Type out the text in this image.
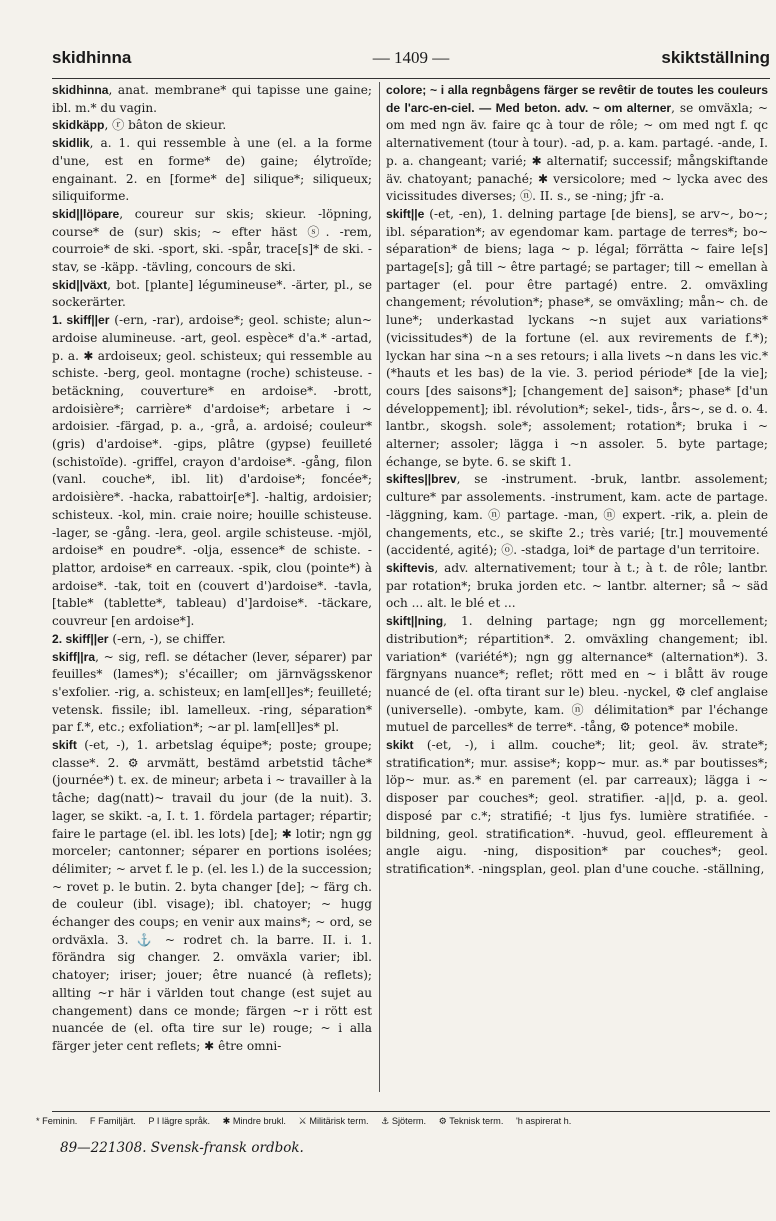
skidhinna
—	1409 —	skiktställning

skidhinna, anat. membrane* qui tapisse une gaine; ibl. m.* du vagin.

skidkäpp, ⓡ bâton de skieur.

skidlik, a. 1. qui ressemble à une (el. a la forme d'une, est en forme* de) gaine; élytroïde; engainant. 2. en [forme* de] silique*; siliqueux; siliquiforme.

skid||löpare, coureur sur skis; skieur. -löpning, course* de (sur) skis; ~ efter häst ⓢ. -rem, courroie* de ski. -sport, ski. -spår, trace[s]* de ski. -stav, se -käpp. -tävling, concours de ski.

skid||växt, bot. [plante] légumineuse*. -ärter, pl., se sockerärter.

1. skiff||er (-ern, -rar), ardoise*; geol. schiste; alun~ ardoise alumineuse. -art, geol. espèce* d'a.* -artad, p. a. ✱ ardoiseux; geol. schisteux; qui ressemble au schiste. -berg, geol. montagne (roche) schisteuse. -betäckning, couverture* en ardoise*. -brott, ardoisière*; carrière* d'ardoise*; arbetare i ~ ardoisier. -färgad, p. a., -grå, a. ardoisé; couleur* (gris) d'ardoise*. -gips, plâtre (gypse) feuilleté (schistoïde). -griffel, crayon d'ardoise*. -gång, filon (vanl. couche*, ibl. lit) d'ardoise*; foncée*; ardoisière*. -hacka, rabattoir[e*]. -haltig, ardoisier; schisteux. -kol, min. craie noire; houille schisteuse. -lager, se -gång. -lera, geol. argile schisteuse. -mjöl, ardoise* en poudre*. -olja, essence* de schiste. -plattor, ardoise* en carreaux. -spik, clou (pointe*) à ardoise*. -tak, toit en (couvert d')ardoise*. -tavla, [table* (tablette*, tableau) d']ardoise*. -täckare, couvreur [en ardoise*].

2. skiff||er (-ern, -), se chiffer.

skiff||ra, ~ sig, refl. se détacher (lever, séparer) par feuilles* (lames*); s'écailler; om järnvägsskenor s'exfolier. -rig, a. schisteux; en lam[ell]es*; feuilleté; vetensk. fissile; ibl. lamelleux. -ring, séparation* par f.*, etc.; exfoliation*; ~ar pl. lam[ell]es* pl.

skift (-et, -), 1. arbetslag équipe*; poste; groupe; classe*. 2. ⚙ arvmätt, bestämd arbetstid tâche* (journée*) t. ex. de mineur; arbeta i ~ travailler à la tâche; dag(natt)~ travail du jour (de la nuit). 3. lager, se skikt. -a, I. t. 1. fördela partager; répartir; faire le partage (el. ibl. les lots) [de]; ✱ lotir; ngn gg morceler; cantonner; séparer en portions isolées; délimiter; ~ arvet f. le p. (el. les l.) de la succession; ~ rovet p. le butin. 2. byta changer [de]; ~ färg ch. de couleur (ibl. visage); ibl. chatoyer; ~ hugg échanger des coups; en venir aux mains*; ~ ord, se ordväxla. 3. ⚓ ~ rodret ch. la barre. II. i. 1. förändra sig changer. 2. omväxla varier; ibl. chatoyer; iriser; jouer; être nuancé (à reflets); allting ~r här i världen tout change (est sujet au changement) dans ce monde; färgen ~r i rött est nuancée de (el. ofta tire sur le) rouge; ~ i alla färger jeter cent reflets; ✱ être omni-

colore; ~ i alla regnbågens färger se revêtir de toutes les couleurs de l'arc-en-ciel. — Med beton. adv. ~ om alterner, se omväxla; ~ om med ngn äv. faire qc à tour de rôle; ~ om med ngt f. qc alternativement (tour à tour). -ad, p. a. kam. partagé. -ande, I. p. a. changeant; varié; ✱ alternatif; successif; mångskiftande äv. chatoyant; panaché; ✱ versicolore; med ~ lycka avec des vicissitudes diverses; ⓝ. II. s., se -ning; jfr -a.

skift||e (-et, -en), 1. delning partage [de biens], se arv~, bo~; ibl. séparation*; av egendomar kam. partage de terres*; bo~ séparation* de biens; laga ~ p. légal; förrätta ~ faire le[s] partage[s]; gå till ~ être partagé; se partager; till ~ emellan à partager (el. pour être partagé) entre. 2. omväxling changement; révolution*; phase*, se omväxling; mån~ ch. de lune*; underkastad lyckans ~n sujet aux variations* (vicissitudes*) de la fortune (el. aux revirements de f.*); lyckan har sina ~n a ses retours; i alla livets ~n dans les vic.* (*hauts et les bas) de la vie. 3. period période* [de la vie]; cours [des saisons*]; [changement de] saison*; phase* [d'un développement]; ibl. révolution*; sekel-, tids-, års~, se d. o. 4. lantbr., skogsh. sole*; assolement; rotation*; bruka i ~ alterner; assoler; lägga i ~n assoler. 5. byte partage; échange, se byte. 6. se skift 1.

skiftes||brev, se -instrument. -bruk, lantbr. assolement; culture* par assolements. -instrument, kam. acte de partage. -läggning, kam. ⓝ partage. -man, ⓝ expert. -rik, a. plein de changements, etc., se skifte 2.; très varié; [tr.] mouvementé (accidenté, agité); ⓞ. -stadga, loi* de partage d'un territoire.

skiftevis, adv. alternativement; tour à t.; à t. de rôle; lantbr. par rotation*; bruka jorden etc. ~ lantbr. alterner; så ~ säd och ... alt. le blé et ...

skift||ning, 1. delning partage; ngn gg morcellement; distribution*; répartition*. 2. omväxling changement; ibl. variation* (variété*); ngn gg alternance* (alternation*). 3. färgnyans nuance*; reflet; rött med en ~ i blått äv rouge nuancé de (el. ofta tirant sur le) bleu. -nyckel, ⚙ clef anglaise (universelle). -ombyte, kam. ⓝ délimitation* par l'échange mutuel de parcelles* de terre*. -tång, ⚙ potence* mobile.

skikt (-et, -), i allm. couche*; lit; geol. äv. strate*; stratification*; mur. assise*; kopp~ mur. as.* par boutisses*; löp~ mur. as.* en parement (el. par carreaux); lägga i ~ disposer par couches*; geol. stratifier. -a||d, p. a. geol. disposé par c.*; stratifié; -t ljus fys. lumière stratifiée. -bildning, geol. stratification*. -huvud, geol. effleurement à angle aigu. -ning, disposition* par couches*; geol. stratification*. -ningsplan, geol. plan d'une couche. -ställning,

* Feminin. F Familjärt. P I lägre språk. ✱ Mindre brukl. ⚔ Militärisk term. ⚓ Sjöterm. ⚙ Teknisk term. 'h aspirerat h.
89—221308. Svensk-fransk ordbok.
